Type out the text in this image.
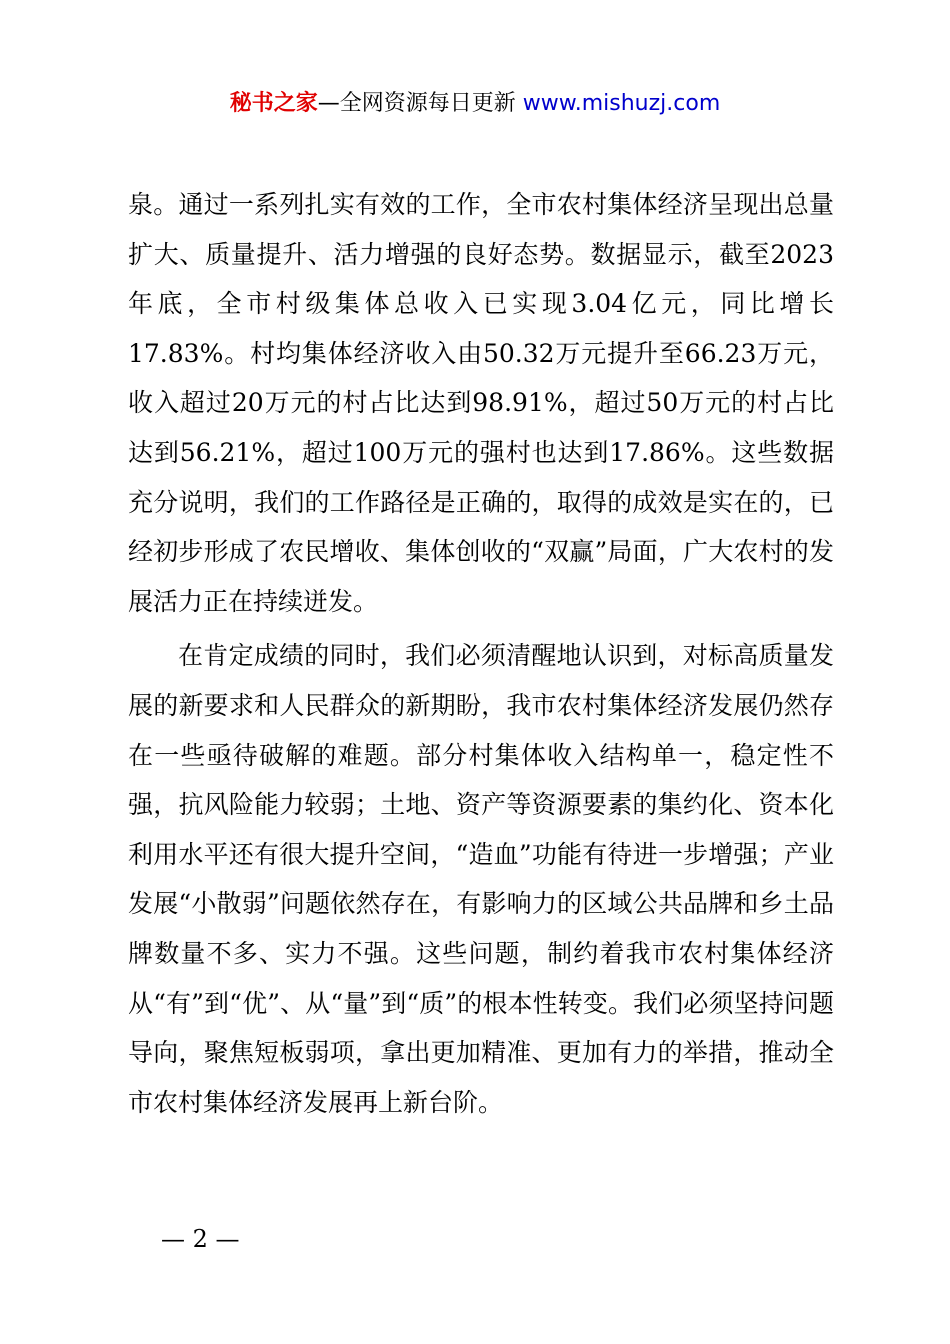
秘书之家—全网资源每日更新 www.mishuzj.com

泉。通过一系列扎实有效的工作，全市农村集体经济呈现出总量扩大、质量提升、活力增强的良好态势。数据显示，截至2023年底，全市村级集体总收入已实现3.04亿元，同比增长17.83%。村均集体经济收入由50.32万元提升至66.23万元，收入超过20万元的村占比达到98.91%，超过50万元的村占比达到56.21%，超过100万元的强村也达到17.86%。这些数据充分说明，我们的工作路径是正确的，取得的成效是实在的，已经初步形成了农民增收、集体创收的“双赢”局面，广大农村的发展活力正在持续迸发。

在肯定成绩的同时，我们必须清醒地认识到，对标高质量发展的新要求和人民群众的新期盼，我市农村集体经济发展仍然存在一些亟待破解的难题。部分村集体收入结构单一，稳定性不强，抗风险能力较弱；土地、资产等资源要素的集约化、资本化利用水平还有很大提升空间，“造血”功能有待进一步增强；产业发展“小散弱”问题依然存在，有影响力的区域公共品牌和乡土品牌数量不多、实力不强。这些问题，制约着我市农村集体经济从“有”到“优”、从“量”到“质”的根本性转变。我们必须坚持问题导向，聚焦短板弱项，拿出更加精准、更加有力的举措，推动全市农村集体经济发展再上新台阶。

— 2 —
